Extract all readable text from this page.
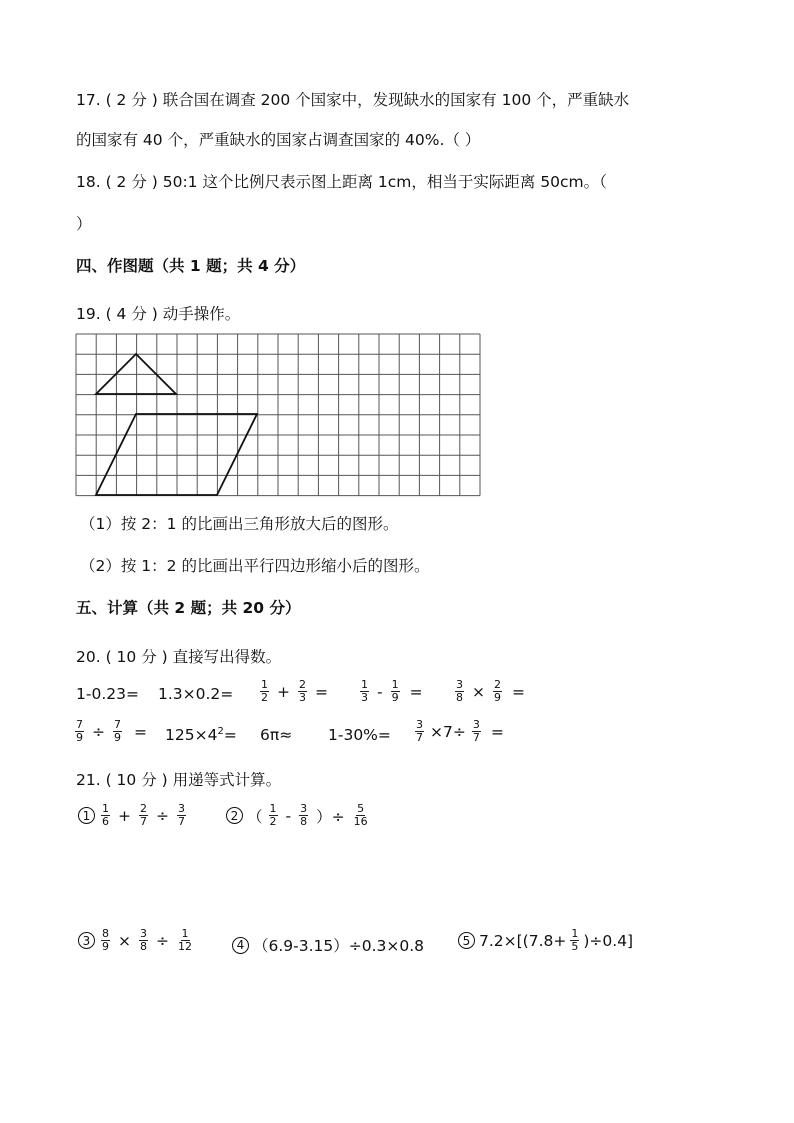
17. ( 2 分 ) 联合国在调查 200 个国家中，发现缺水的国家有 100 个，严重缺水
的国家有 40 个，严重缺水的国家占调查国家的 40%.（ ）
18. ( 2 分 ) 50:1 这个比例尺表示图上距离 1cm，相当于实际距离 50cm。（
）
四、作图题（共 1 题；共 4 分）
19. ( 4 分 ) 动手操作。
（1）按 2：1 的比画出三角形放大后的图形。
（2）按 1：2 的比画出平行四边形缩小后的图形。
五、计算（共 2 题；共 20 分）
20. ( 10 分 ) 直接写出得数。
$1-0.23= 1.3\times 0.2= \frac{1}{2} + \frac{2}{3}$ =	$\frac{1}{3} - \frac{1}{9}$ =	$\frac{3}{8} \times \frac{2}{9}$ =
$\frac{7}{9} \div \frac{7}{9} = 125\times 4^2= 6\pi\approx 1-30\%= \frac{3}{7} \times 7\div \frac{3}{7}$ =
21. ( 10 分 ) 用递等式计算。
$1 \frac{1}{6} + \frac{2}{7} \div \frac{3}{7}$	2 （ $\frac{1}{2} - \frac{3}{8}$ ）÷ $\frac{5}{16}$
$3 \frac{8}{9} \times \frac{3}{8} \div \frac{1}{12}$	4 （6.9-3.15）÷0.3×0.8	5 $7.2\times[(7.8+ \frac{1}{5} )\div 0.4]$
